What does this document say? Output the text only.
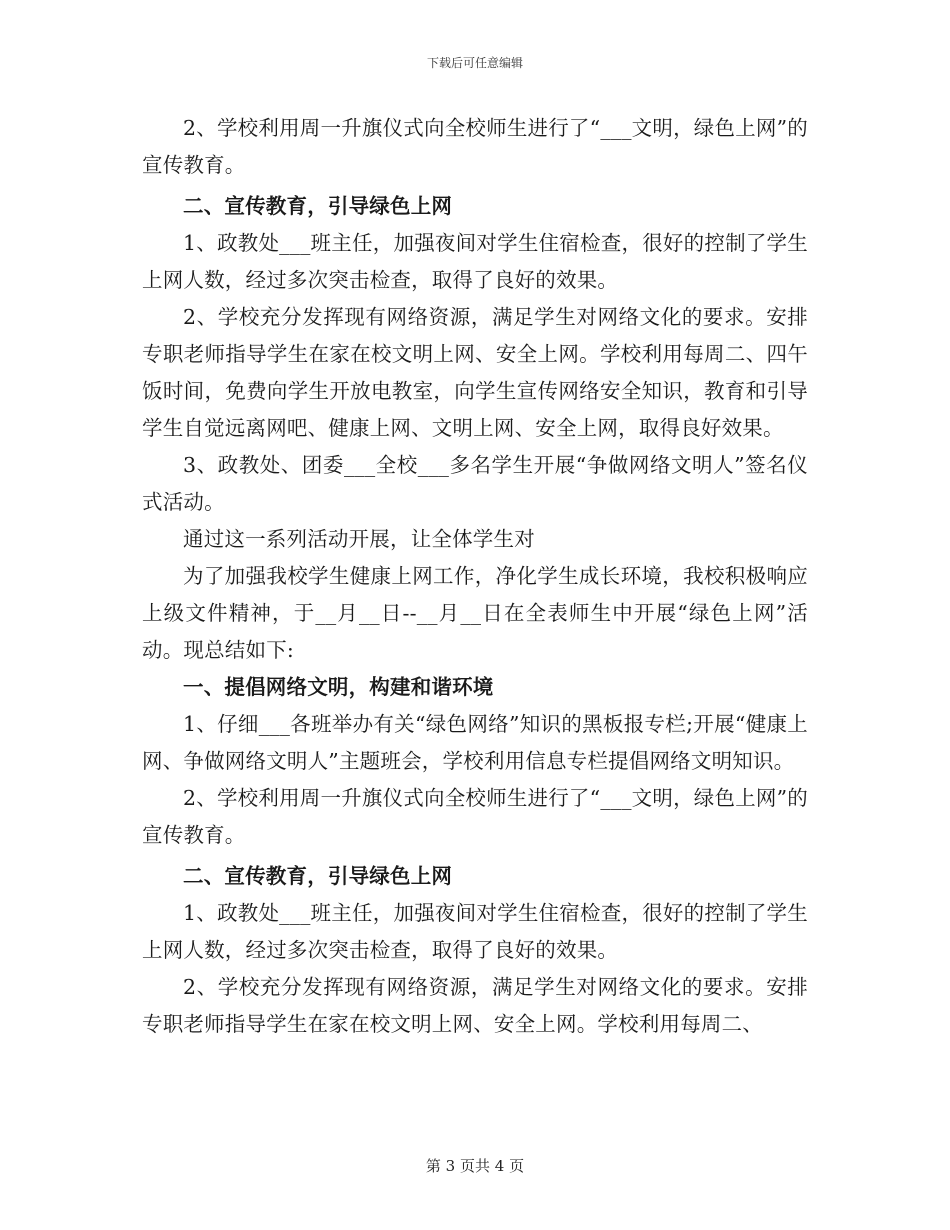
下载后可任意编辑

2、学校利用周一升旗仪式向全校师生进行了“___文明，绿色上网”的宣传教育。

二、宣传教育，引导绿色上网

1、政教处___班主任，加强夜间对学生住宿检查，很好的控制了学生上网人数，经过多次突击检查，取得了良好的效果。

2、学校充分发挥现有网络资源，满足学生对网络文化的要求。安排专职老师指导学生在家在校文明上网、安全上网。学校利用每周二、四午饭时间，免费向学生开放电教室，向学生宣传网络安全知识，教育和引导学生自觉远离网吧、健康上网、文明上网、安全上网，取得良好效果。

3、政教处、团委___全校___多名学生开展“争做网络文明人”签名仪式活动。

通过这一系列活动开展，让全体学生对

为了加强我校学生健康上网工作，净化学生成长环境，我校积极响应上级文件精神，于__月__日--__月__日在全表师生中开展“绿色上网”活动。现总结如下:

一、提倡网络文明，构建和谐环境

1、仔细___各班举办有关“绿色网络”知识的黑板报专栏;开展“健康上网、争做网络文明人”主题班会，学校利用信息专栏提倡网络文明知识。

2、学校利用周一升旗仪式向全校师生进行了“___文明，绿色上网”的宣传教育。

二、宣传教育，引导绿色上网

1、政教处___班主任，加强夜间对学生住宿检查，很好的控制了学生上网人数，经过多次突击检查，取得了良好的效果。

2、学校充分发挥现有网络资源，满足学生对网络文化的要求。安排专职老师指导学生在家在校文明上网、安全上网。学校利用每周二、

第 3 页共 4 页
